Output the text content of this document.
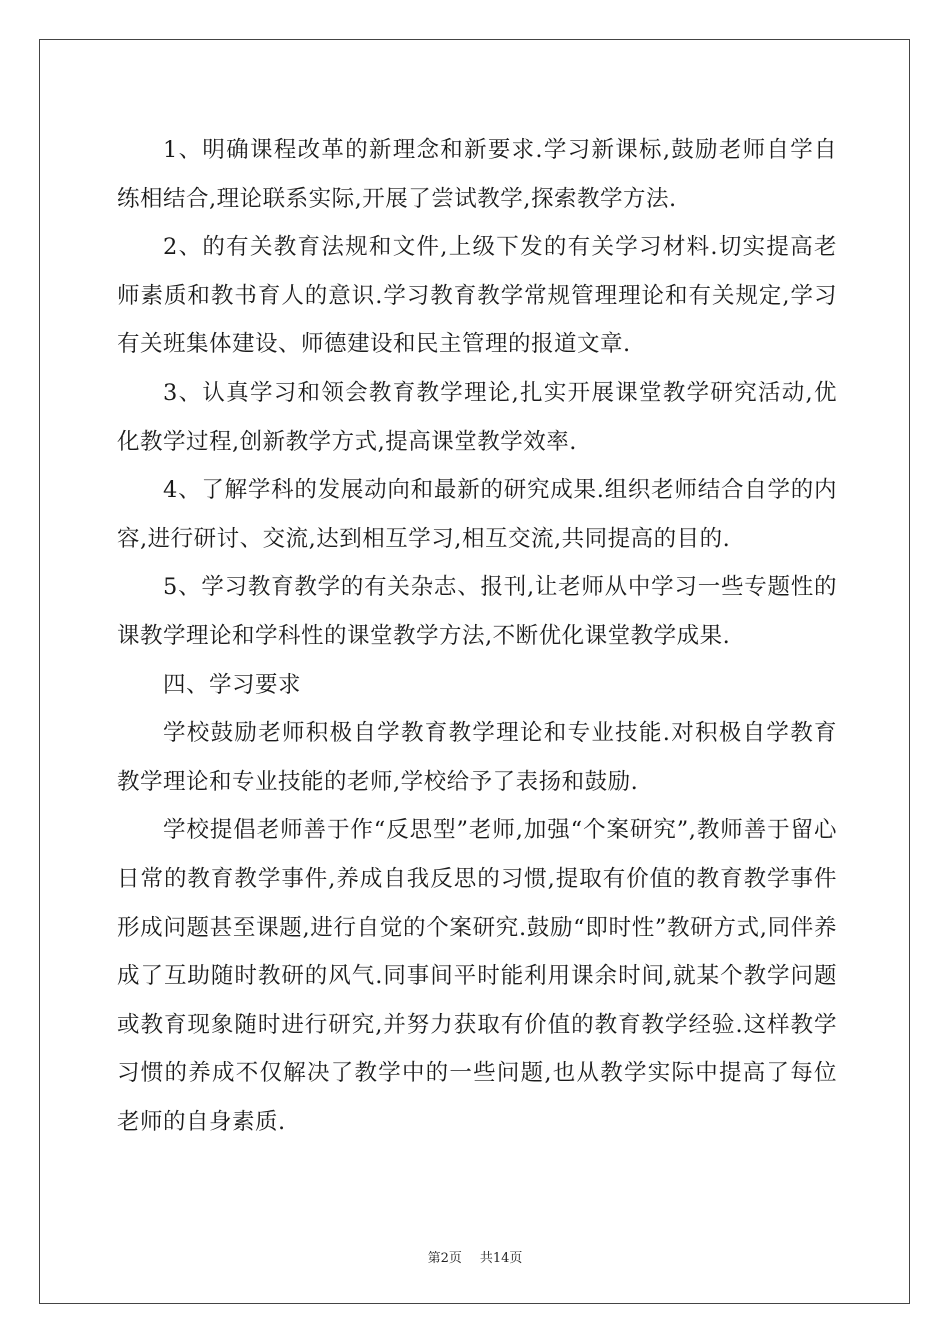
1、明确课程改革的新理念和新要求.学习新课标,鼓励老师自学自练相结合,理论联系实际,开展了尝试教学,探索教学方法.

2、的有关教育法规和文件,上级下发的有关学习材料.切实提高老师素质和教书育人的意识.学习教育教学常规管理理论和有关规定,学习有关班集体建设、师德建设和民主管理的报道文章.

3、认真学习和领会教育教学理论,扎实开展课堂教学研究活动,优化教学过程,创新教学方式,提高课堂教学效率.

4、了解学科的发展动向和最新的研究成果.组织老师结合自学的内容,进行研讨、交流,达到相互学习,相互交流,共同提高的目的.

5、学习教育教学的有关杂志、报刊,让老师从中学习一些专题性的课教学理论和学科性的课堂教学方法,不断优化课堂教学成果.

四、学习要求

学校鼓励老师积极自学教育教学理论和专业技能.对积极自学教育教学理论和专业技能的老师,学校给予了表扬和鼓励.

学校提倡老师善于作“反思型”老师,加强“个案研究”,教师善于留心日常的教育教学事件,养成自我反思的习惯,提取有价值的教育教学事件形成问题甚至课题,进行自觉的个案研究.鼓励“即时性”教研方式,同伴养成了互助随时教研的风气.同事间平时能利用课余时间,就某个教学问题或教育现象随时进行研究,并努力获取有价值的教育教学经验.这样教学习惯的养成不仅解决了教学中的一些问题,也从教学实际中提高了每位老师的自身素质.

第2页 共14页
